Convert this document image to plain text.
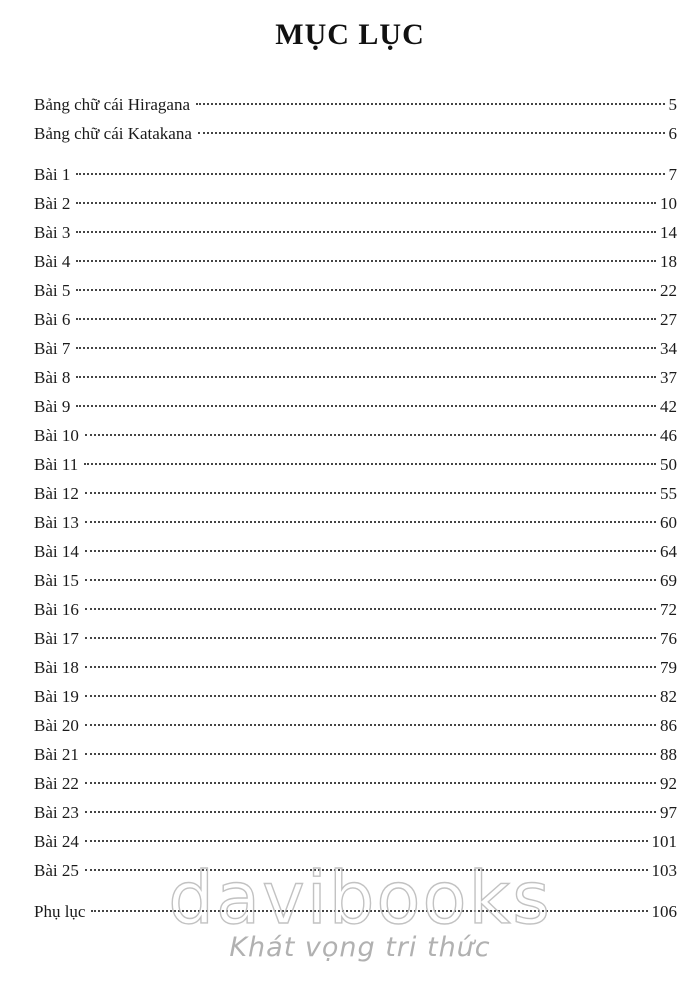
MỤC LỤC
Bảng chữ cái Hiragana	5
Bảng chữ cái Katakana	6
Bài 1	7
Bài 2	10
Bài 3	14
Bài 4	18
Bài 5	22
Bài 6	27
Bài 7	34
Bài 8	37
Bài 9	42
Bài 10	46
Bài 11	50
Bài 12	55
Bài 13	60
Bài 14	64
Bài 15	69
Bài 16	72
Bài 17	76
Bài 18	79
Bài 19	82
Bài 20	86
Bài 21	88
Bài 22	92
Bài 23	97
Bài 24	101
Bài 25	103
Phụ lục	106
davibooks
Khát vọng tri thức
